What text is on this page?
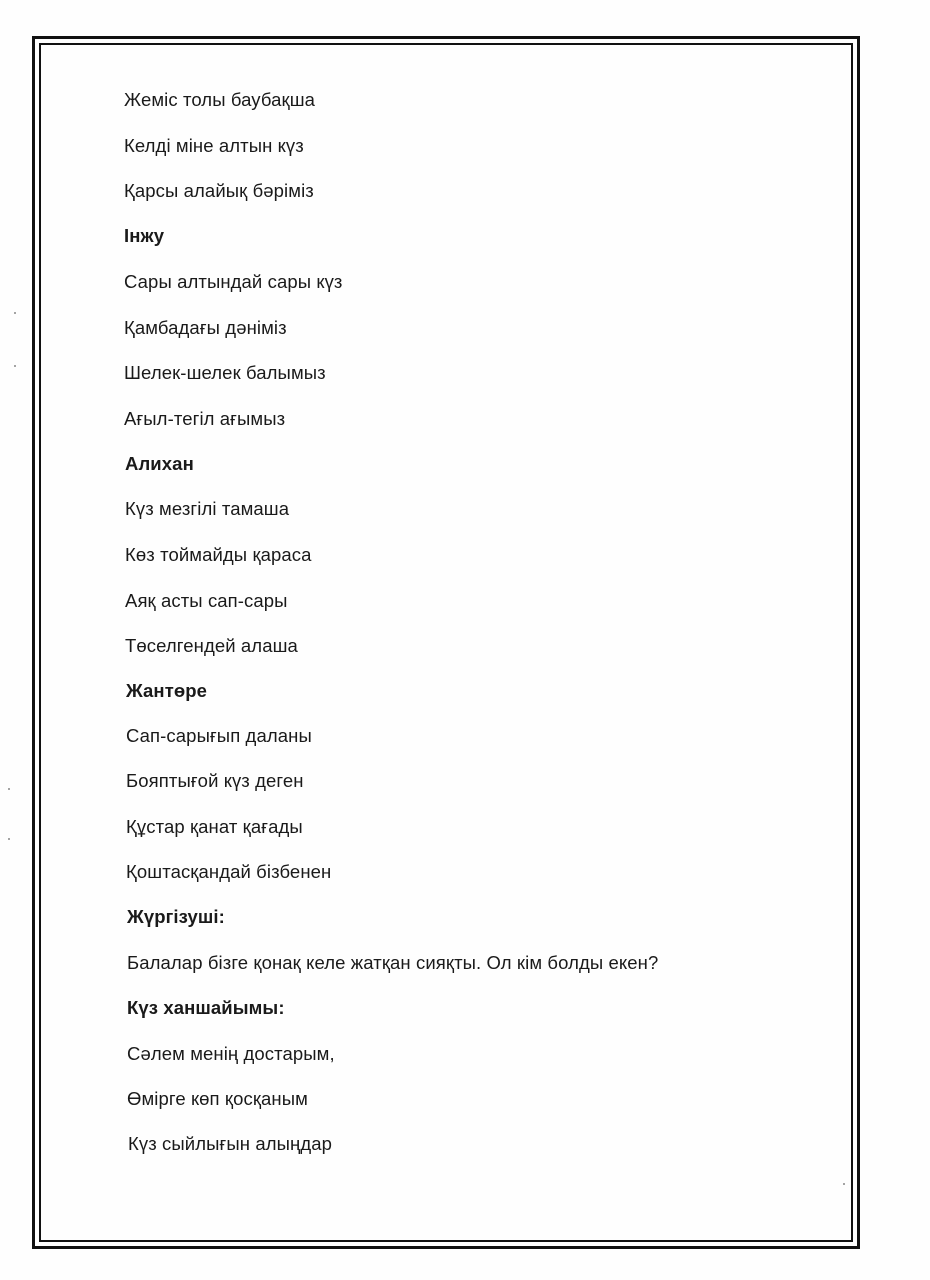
Жеміс толы баубақша
Келді міне алтын күз
Қарсы алайық бәріміз
Інжу
Сары алтындай сары күз
Қамбадағы дәніміз
Шелек-шелек балымыз
Ағыл-тегіл ағымыз
Алихан
Күз мезгілі тамаша
Көз тоймайды қараса
Аяқ асты сап-сары
Төселгендей алаша
Жантөре
Сап-сарығып даланы
Бояптығой күз деген
Құстар қанат қағады
Қоштасқандай бізбенен
Жүргізуші:
Балалар бізге қонақ келе жатқан сияқты. Ол кім болды екен?
Күз ханшайымы:
Сәлем менің достарым,
Өмірге көп қосқаным
Күз сыйлығын алыңдар
